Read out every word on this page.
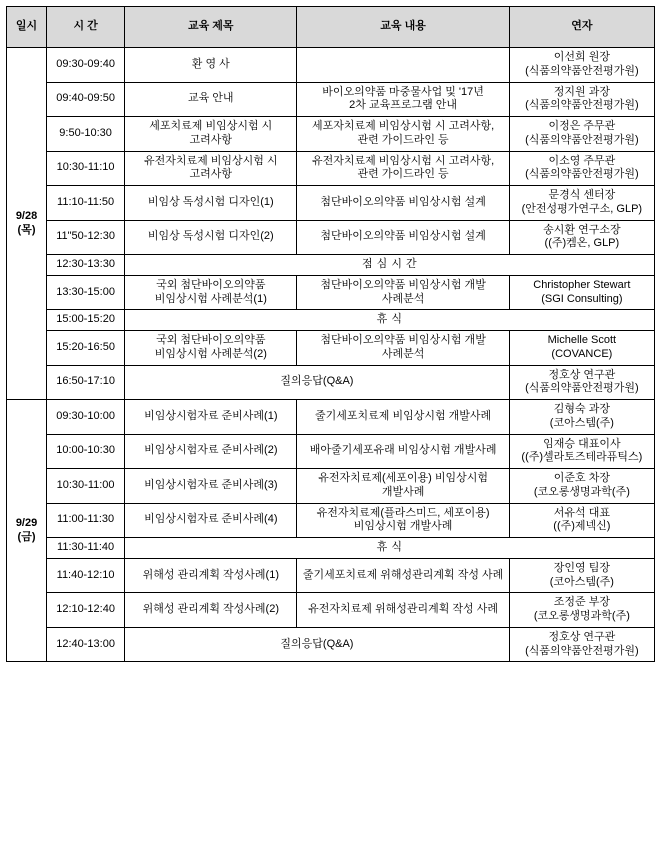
일시	시 간	교육 제목	교육 내용	연자

9/28
(목)	09:30-09:40	환 영 사		이선희 원장
(식품의약품안전평가원)

	09:40-09:50	교육 안내	바이오의약품 마중물사업 및 '17년
2차 교육프로그램 안내	정지원 과장
(식품의약품안전평가원)

	9:50-10:30	세포치료제 비임상시험 시
고려사항	세포자치료제 비임상시험 시 고려사항,
관련 가이드라인 등	이정은 주무관
(식품의약품안전평가원)

	10:30-11:10	유전자치료제 비임상시험 시
고려사항	유전자치료제 비임상시험 시 고려사항,
관련 가이드라인 등	이소영 주무관
(식품의약품안전평가원)

	11:10-11:50	비임상 독성시험 디자인(1)	첨단바이오의약품 비임상시험 설계	문경식 센터장
(안전성평가연구소, GLP)

	11"50-12:30	비임상 독성시험 디자인(2)	첨단바이오의약품 비임상시험 설계	송시환 연구소장
((주)켐온, GLP)

	12:30-13:30	점 심 시 간		
	13:30-15:00	국외 첨단바이오의약품
비임상시험 사례분석(1)	첨단바이오의약품 비임상시험 개발
사례분석	Christopher Stewart
(SGI Consulting)

	15:00-15:20	휴 식		
	15:20-16:50	국외 첨단바이오의약품
비임상시험 사례분석(2)	첨단바이오의약품 비임상시험 개발
사례분석	Michelle Scott
(COVANCE)

	16:50-17:10	질의응답(Q&A)		정호상 연구관
(식품의약품안전평가원)

9/29
(금)	09:30-10:00	비임상시험자료 준비사례(1)	줄기세포치료제 비임상시험 개발사례	김형숙 과장
(코아스템(주)

	10:00-10:30	비임상시험자료 준비사례(2)	배아줄기세포유래 비임상시험 개발사례	임재승 대표이사
((주)셀라토즈테라퓨틱스)

	10:30-11:00	비임상시험자료 준비사례(3)	유전자치료제(세포이용) 비임상시험
개발사례	이준호 차장
(코오롱생명과학(주)

	11:00-11:30	비임상시험자료 준비사례(4)	유전자치료제(플라스미드, 세포이용)
비임상시험 개발사례	서유석 대표
((주)제넥신)

	11:30-11:40	휴 식		
	11:40-12:10	위해성 관리계획 작성사례(1)	줄기세포치료제 위해성관리계획 작성 사례	장인영 팀장
(코아스템(주)

	12:10-12:40	위해성 관리계획 작성사례(2)	유전자치료제 위해성관리계획 작성 사례	조정준 부장
(코오롱생명과학(주)

	12:40-13:00	질의응답(Q&A)		정호상 연구관
(식품의약품안전평가원)
